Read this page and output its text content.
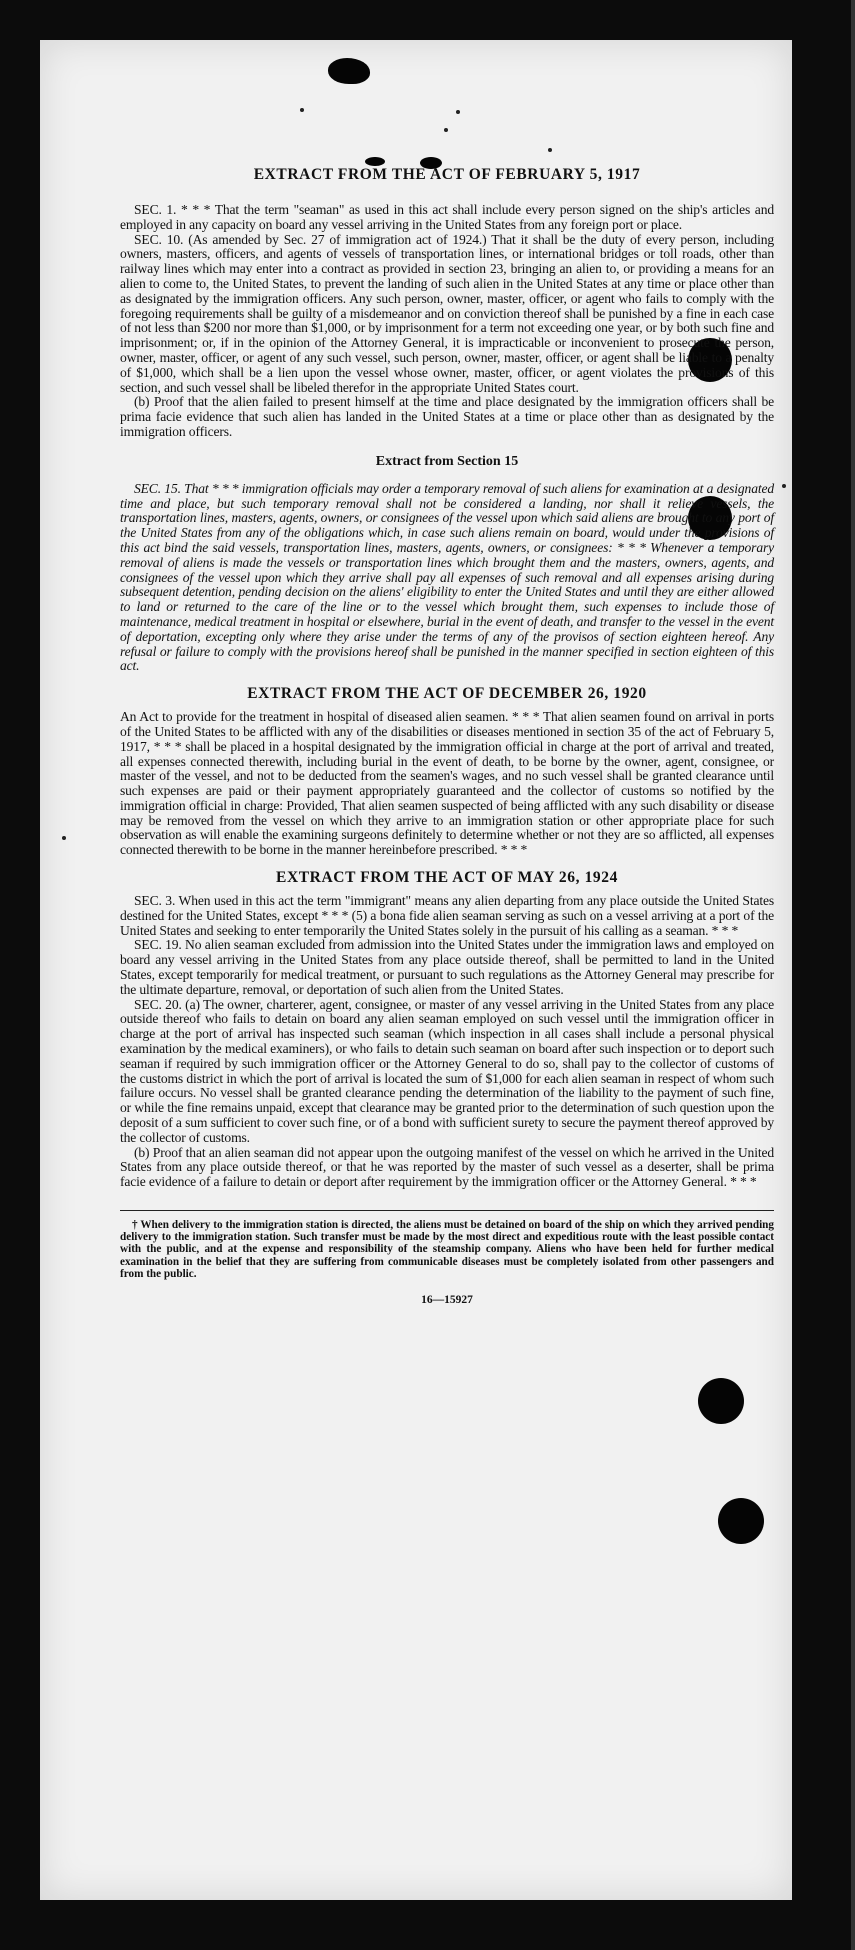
EXTRACT FROM THE ACT OF FEBRUARY 5, 1917

SEC. 1. * * * That the term "seaman" as used in this act shall include every person signed on the ship's articles and employed in any capacity on board any vessel arriving in the United States from any foreign port or place.

SEC. 10. (As amended by Sec. 27 of immigration act of 1924.) That it shall be the duty of every person, including owners, masters, officers, and agents of vessels of transportation lines, or international bridges or toll roads, other than railway lines which may enter into a contract as provided in section 23, bringing an alien to, or providing a means for an alien to come to, the United States, to prevent the landing of such alien in the United States at any time or place other than as designated by the immigration officers. Any such person, owner, master, officer, or agent who fails to comply with the foregoing requirements shall be guilty of a misdemeanor and on conviction thereof shall be punished by a fine in each case of not less than $200 nor more than $1,000, or by imprisonment for a term not exceeding one year, or by both such fine and imprisonment; or, if in the opinion of the Attorney General, it is impracticable or inconvenient to prosecute the person, owner, master, officer, or agent of any such vessel, such person, owner, master, officer, or agent shall be liable to a penalty of $1,000, which shall be a lien upon the vessel whose owner, master, officer, or agent violates the provisions of this section, and such vessel shall be libeled therefor in the appropriate United States court.

(b) Proof that the alien failed to present himself at the time and place designated by the immigration officers shall be prima facie evidence that such alien has landed in the United States at a time or place other than as designated by the immigration officers.

Extract from Section 15

SEC. 15. That * * * immigration officials may order a temporary removal of such aliens for examination at a designated time and place, but such temporary removal shall not be considered a landing, nor shall it relieve vessels, the transportation lines, masters, agents, owners, or consignees of the vessel upon which said aliens are brought to any port of the United States from any of the obligations which, in case such aliens remain on board, would under the provisions of this act bind the said vessels, transportation lines, masters, agents, owners, or consignees: * * * Whenever a temporary removal of aliens is made the vessels or transportation lines which brought them and the masters, owners, agents, and consignees of the vessel upon which they arrive shall pay all expenses of such removal and all expenses arising during subsequent detention, pending decision on the aliens' eligibility to enter the United States and until they are either allowed to land or returned to the care of the line or to the vessel which brought them, such expenses to include those of maintenance, medical treatment in hospital or elsewhere, burial in the event of death, and transfer to the vessel in the event of deportation, excepting only where they arise under the terms of any of the provisos of section eighteen hereof. Any refusal or failure to comply with the provisions hereof shall be punished in the manner specified in section eighteen of this act.

EXTRACT FROM THE ACT OF DECEMBER 26, 1920

An Act to provide for the treatment in hospital of diseased alien seamen. * * * That alien seamen found on arrival in ports of the United States to be afflicted with any of the disabilities or diseases mentioned in section 35 of the act of February 5, 1917, * * * shall be placed in a hospital designated by the immigration official in charge at the port of arrival and treated, all expenses connected therewith, including burial in the event of death, to be borne by the owner, agent, consignee, or master of the vessel, and not to be deducted from the seamen's wages, and no such vessel shall be granted clearance until such expenses are paid or their payment appropriately guaranteed and the collector of customs so notified by the immigration official in charge: Provided, That alien seamen suspected of being afflicted with any such disability or disease may be removed from the vessel on which they arrive to an immigration station or other appropriate place for such observation as will enable the examining surgeons definitely to determine whether or not they are so afflicted, all expenses connected therewith to be borne in the manner hereinbefore prescribed. * * *

EXTRACT FROM THE ACT OF MAY 26, 1924

SEC. 3. When used in this act the term "immigrant" means any alien departing from any place outside the United States destined for the United States, except * * * (5) a bona fide alien seaman serving as such on a vessel arriving at a port of the United States and seeking to enter temporarily the United States solely in the pursuit of his calling as a seaman. * * *

SEC. 19. No alien seaman excluded from admission into the United States under the immigration laws and employed on board any vessel arriving in the United States from any place outside thereof, shall be permitted to land in the United States, except temporarily for medical treatment, or pursuant to such regulations as the Attorney General may prescribe for the ultimate departure, removal, or deportation of such alien from the United States.

SEC. 20. (a) The owner, charterer, agent, consignee, or master of any vessel arriving in the United States from any place outside thereof who fails to detain on board any alien seaman employed on such vessel until the immigration officer in charge at the port of arrival has inspected such seaman (which inspection in all cases shall include a personal physical examination by the medical examiners), or who fails to detain such seaman on board after such inspection or to deport such seaman if required by such immigration officer or the Attorney General to do so, shall pay to the collector of customs of the customs district in which the port of arrival is located the sum of $1,000 for each alien seaman in respect of whom such failure occurs. No vessel shall be granted clearance pending the determination of the liability to the payment of such fine, or while the fine remains unpaid, except that clearance may be granted prior to the determination of such question upon the deposit of a sum sufficient to cover such fine, or of a bond with sufficient surety to secure the payment thereof approved by the collector of customs.

(b) Proof that an alien seaman did not appear upon the outgoing manifest of the vessel on which he arrived in the United States from any place outside thereof, or that he was reported by the master of such vessel as a deserter, shall be prima facie evidence of a failure to detain or deport after requirement by the immigration officer or the Attorney General. * * *

† When delivery to the immigration station is directed, the aliens must be detained on board of the ship on which they arrived pending delivery to the immigration station. Such transfer must be made by the most direct and expeditious route with the least possible contact with the public, and at the expense and responsibility of the steamship company. Aliens who have been held for further medical examination in the belief that they are suffering from communicable diseases must be completely isolated from other passengers and from the public.
16—15927
